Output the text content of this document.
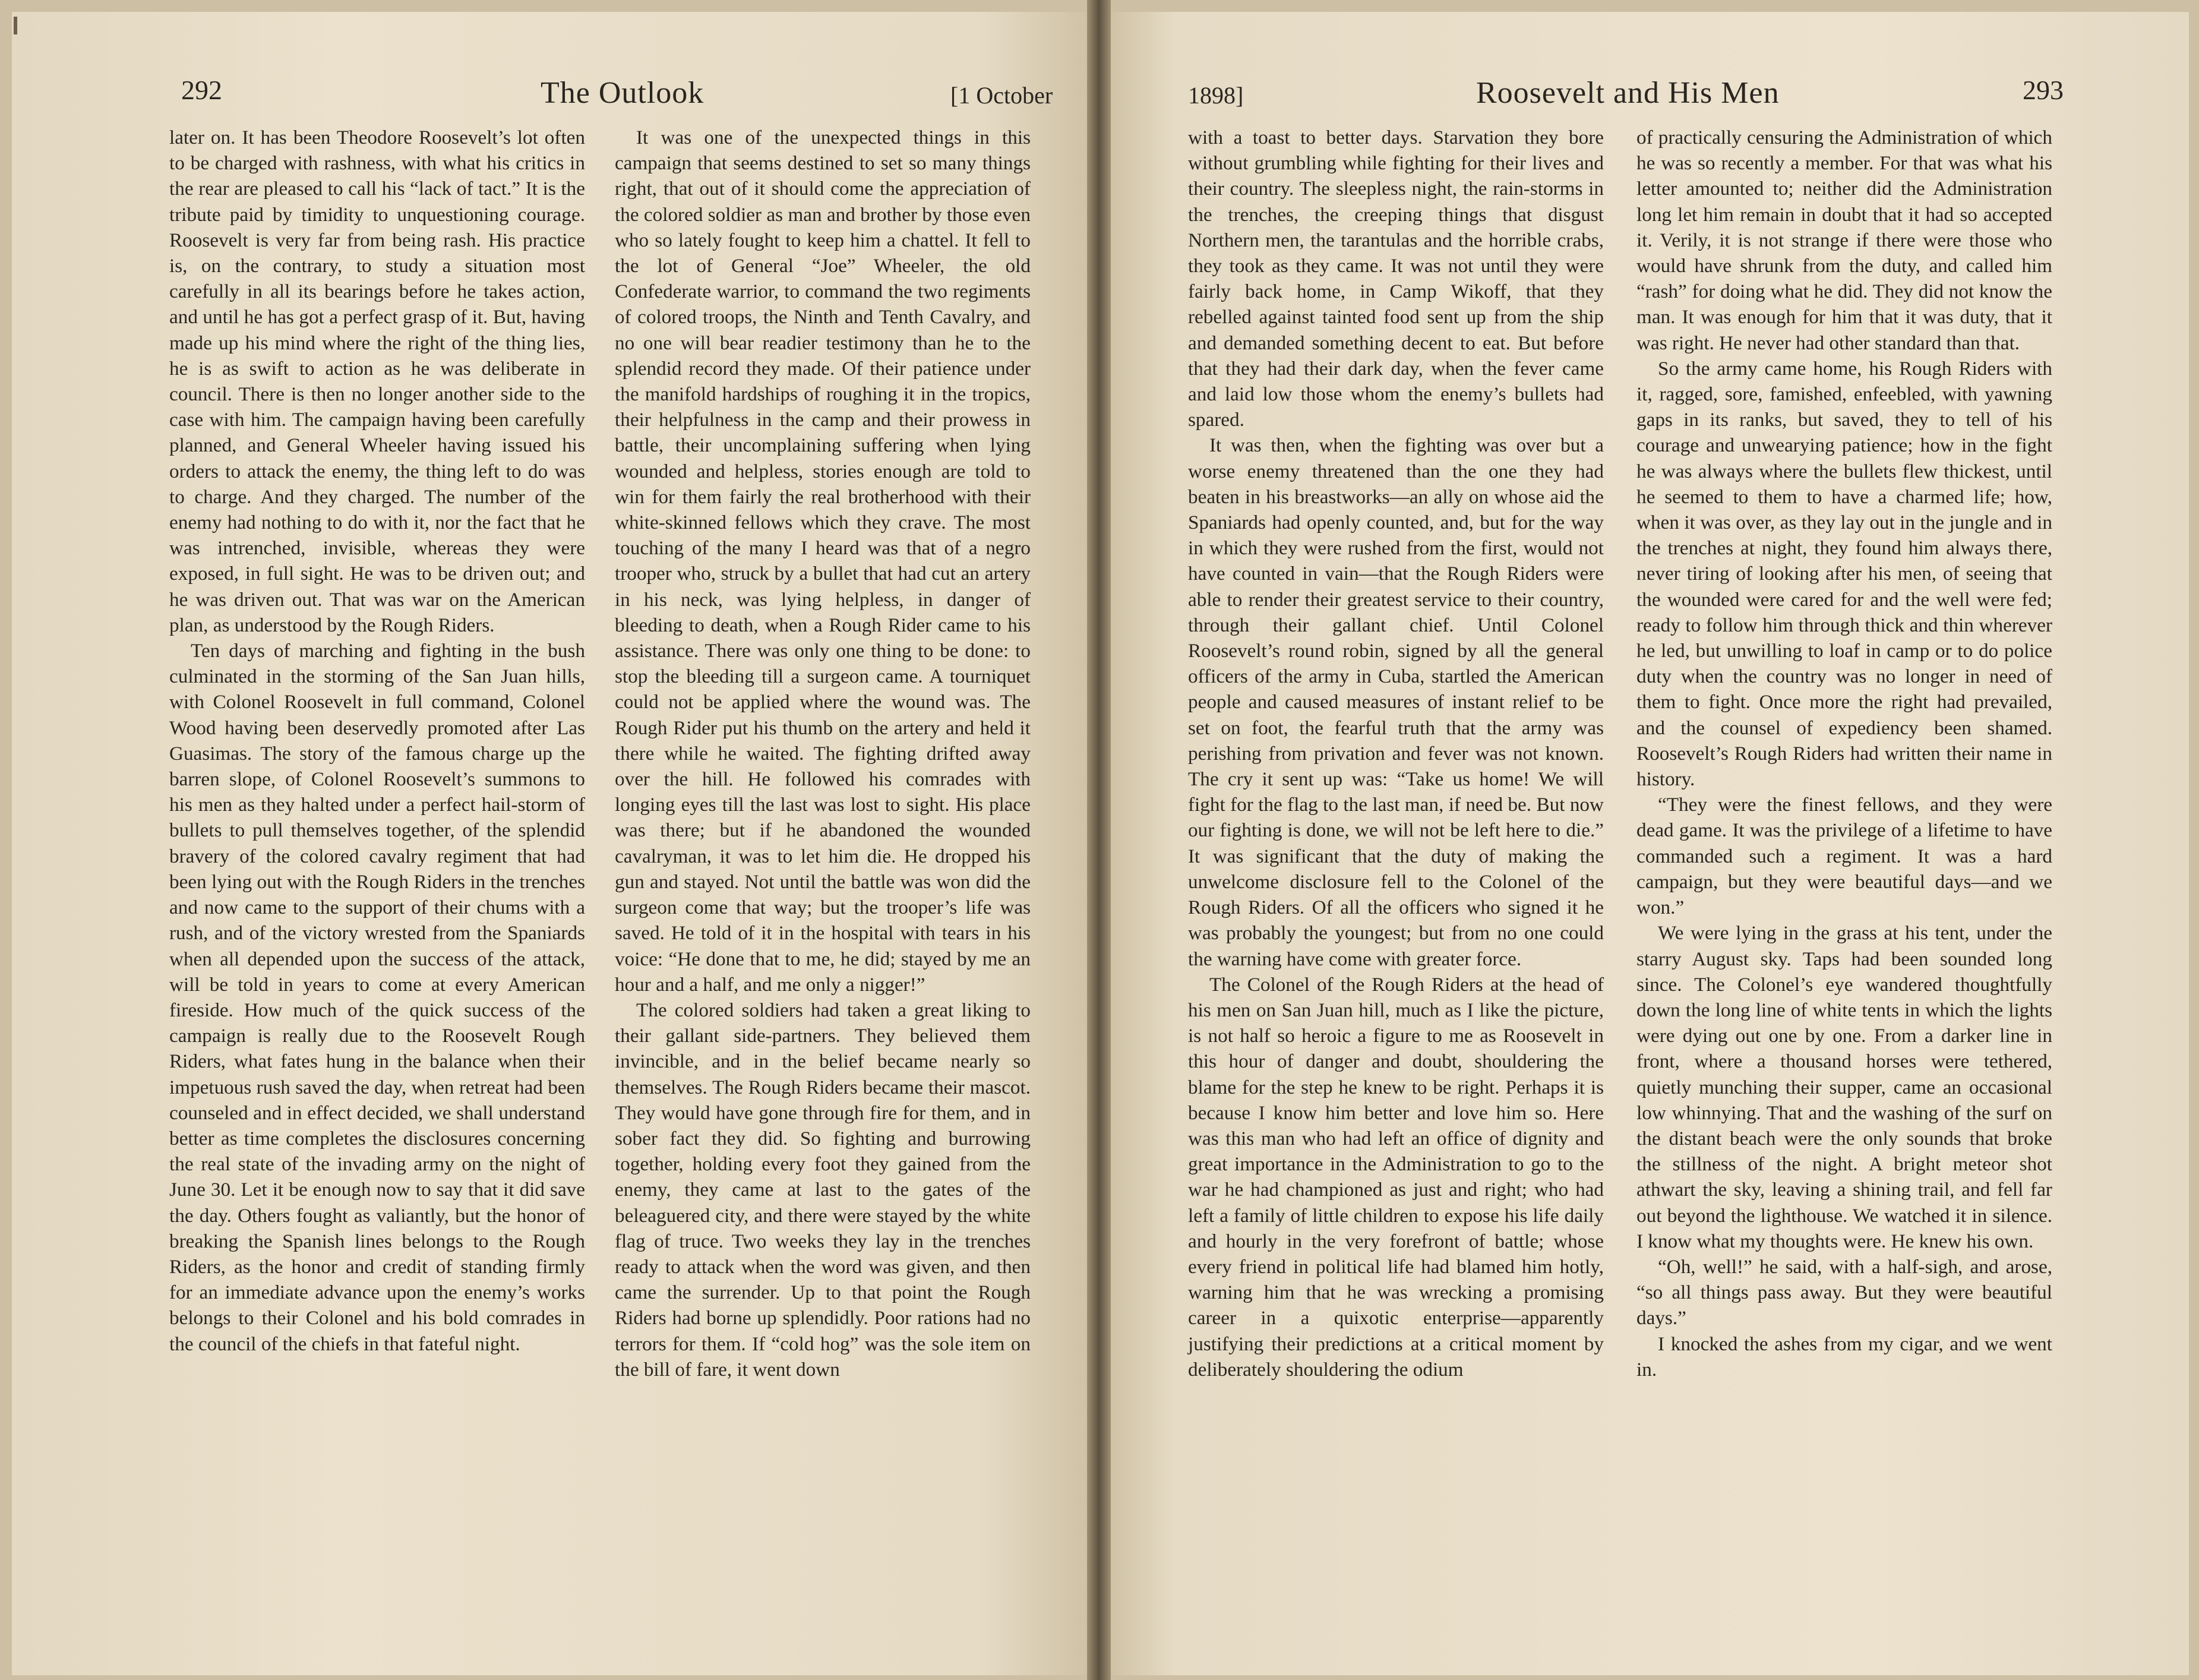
292	The Outlook	[1 October

later on. It has been Theodore Roosevelt’s lot often to be charged with rashness, with what his critics in the rear are pleased to call his “lack of tact.” It is the tribute paid by timidity to unquestioning courage. Roosevelt is very far from being rash. His practice is, on the contrary, to study a situation most carefully in all its bearings before he takes action, and until he has got a perfect grasp of it. But, having made up his mind where the right of the thing lies, he is as swift to action as he was deliberate in council. There is then no longer another side to the case with him. The campaign having been carefully planned, and General Wheeler having issued his orders to attack the enemy, the thing left to do was to charge. And they charged. The number of the enemy had nothing to do with it, nor the fact that he was intrenched, invisible, whereas they were exposed, in full sight. He was to be driven out; and he was driven out. That was war on the American plan, as understood by the Rough Riders.

Ten days of marching and fighting in the bush culminated in the storming of the San Juan hills, with Colonel Roosevelt in full command, Colonel Wood having been deservedly promoted after Las Guasimas. The story of the famous charge up the barren slope, of Colonel Roosevelt’s summons to his men as they halted under a perfect hail-storm of bullets to pull themselves together, of the splendid bravery of the colored cavalry regiment that had been lying out with the Rough Riders in the trenches and now came to the support of their chums with a rush, and of the victory wrested from the Spaniards when all depended upon the success of the attack, will be told in years to come at every American fireside. How much of the quick success of the campaign is really due to the Roosevelt Rough Riders, what fates hung in the balance when their impetuous rush saved the day, when retreat had been counseled and in effect decided, we shall understand better as time completes the disclosures concerning the real state of the invading army on the night of June 30. Let it be enough now to say that it did save the day. Others fought as valiantly, but the honor of breaking the Spanish lines belongs to the Rough Riders, as the honor and credit of standing firmly for an immediate advance upon the enemy’s works belongs to their Colonel and his bold comrades in the council of the chiefs in that fateful night.

It was one of the unexpected things in this campaign that seems destined to set so many things right, that out of it should come the appreciation of the colored soldier as man and brother by those even who so lately fought to keep him a chattel. It fell to the lot of General “Joe” Wheeler, the old Confederate warrior, to command the two regiments of colored troops, the Ninth and Tenth Cavalry, and no one will bear readier testimony than he to the splendid record they made. Of their patience under the manifold hardships of roughing it in the tropics, their helpfulness in the camp and their prowess in battle, their uncomplaining suffering when lying wounded and helpless, stories enough are told to win for them fairly the real brotherhood with their white-skinned fellows which they crave. The most touching of the many I heard was that of a negro trooper who, struck by a bullet that had cut an artery in his neck, was lying helpless, in danger of bleeding to death, when a Rough Rider came to his assistance. There was only one thing to be done: to stop the bleeding till a surgeon came. A tourniquet could not be applied where the wound was. The Rough Rider put his thumb on the artery and held it there while he waited. The fighting drifted away over the hill. He followed his comrades with longing eyes till the last was lost to sight. His place was there; but if he abandoned the wounded cavalryman, it was to let him die. He dropped his gun and stayed. Not until the battle was won did the surgeon come that way; but the trooper’s life was saved. He told of it in the hospital with tears in his voice: “He done that to me, he did; stayed by me an hour and a half, and me only a nigger!”

The colored soldiers had taken a great liking to their gallant side-partners. They believed them invincible, and in the belief became nearly so themselves. The Rough Riders became their mascot. They would have gone through fire for them, and in sober fact they did. So fighting and burrowing together, holding every foot they gained from the enemy, they came at last to the gates of the beleaguered city, and there were stayed by the white flag of truce. Two weeks they lay in the trenches ready to attack when the word was given, and then came the surrender. Up to that point the Rough Riders had borne up splendidly. Poor rations had no terrors for them. If “cold hog” was the sole item on the bill of fare, it went down

1898]	Roosevelt and His Men	293

with a toast to better days. Starvation they bore without grumbling while fighting for their lives and their country. The sleepless night, the rain-storms in the trenches, the creeping things that disgust Northern men, the tarantulas and the horrible crabs, they took as they came. It was not until they were fairly back home, in Camp Wikoff, that they rebelled against tainted food sent up from the ship and demanded something decent to eat. But before that they had their dark day, when the fever came and laid low those whom the enemy’s bullets had spared.

It was then, when the fighting was over but a worse enemy threatened than the one they had beaten in his breastworks—an ally on whose aid the Spaniards had openly counted, and, but for the way in which they were rushed from the first, would not have counted in vain—that the Rough Riders were able to render their greatest service to their country, through their gallant chief. Until Colonel Roosevelt’s round robin, signed by all the general officers of the army in Cuba, startled the American people and caused measures of instant relief to be set on foot, the fearful truth that the army was perishing from privation and fever was not known. The cry it sent up was: “Take us home! We will fight for the flag to the last man, if need be. But now our fighting is done, we will not be left here to die.” It was significant that the duty of making the unwelcome disclosure fell to the Colonel of the Rough Riders. Of all the officers who signed it he was probably the youngest; but from no one could the warning have come with greater force.

The Colonel of the Rough Riders at the head of his men on San Juan hill, much as I like the picture, is not half so heroic a figure to me as Roosevelt in this hour of danger and doubt, shouldering the blame for the step he knew to be right. Perhaps it is because I know him better and love him so. Here was this man who had left an office of dignity and great importance in the Administration to go to the war he had championed as just and right; who had left a family of little children to expose his life daily and hourly in the very forefront of battle; whose every friend in political life had blamed him hotly, warning him that he was wrecking a promising career in a quixotic enterprise—apparently justifying their predictions at a critical moment by deliberately shouldering the odium

of practically censuring the Administration of which he was so recently a member. For that was what his letter amounted to; neither did the Administration long let him remain in doubt that it had so accepted it. Verily, it is not strange if there were those who would have shrunk from the duty, and called him “rash” for doing what he did. They did not know the man. It was enough for him that it was duty, that it was right. He never had other standard than that.

So the army came home, his Rough Riders with it, ragged, sore, famished, enfeebled, with yawning gaps in its ranks, but saved, they to tell of his courage and unwearying patience; how in the fight he was always where the bullets flew thickest, until he seemed to them to have a charmed life; how, when it was over, as they lay out in the jungle and in the trenches at night, they found him always there, never tiring of looking after his men, of seeing that the wounded were cared for and the well were fed; ready to follow him through thick and thin wherever he led, but unwilling to loaf in camp or to do police duty when the country was no longer in need of them to fight. Once more the right had prevailed, and the counsel of expediency been shamed. Roosevelt’s Rough Riders had written their name in history.

“They were the finest fellows, and they were dead game. It was the privilege of a lifetime to have commanded such a regiment. It was a hard campaign, but they were beautiful days—and we won.”

We were lying in the grass at his tent, under the starry August sky. Taps had been sounded long since. The Colonel’s eye wandered thoughtfully down the long line of white tents in which the lights were dying out one by one. From a darker line in front, where a thousand horses were tethered, quietly munching their supper, came an occasional low whinnying. That and the washing of the surf on the distant beach were the only sounds that broke the stillness of the night. A bright meteor shot athwart the sky, leaving a shining trail, and fell far out beyond the lighthouse. We watched it in silence. I know what my thoughts were. He knew his own.

“Oh, well!” he said, with a half-sigh, and arose, “so all things pass away. But they were beautiful days.”

I knocked the ashes from my cigar, and we went in.
